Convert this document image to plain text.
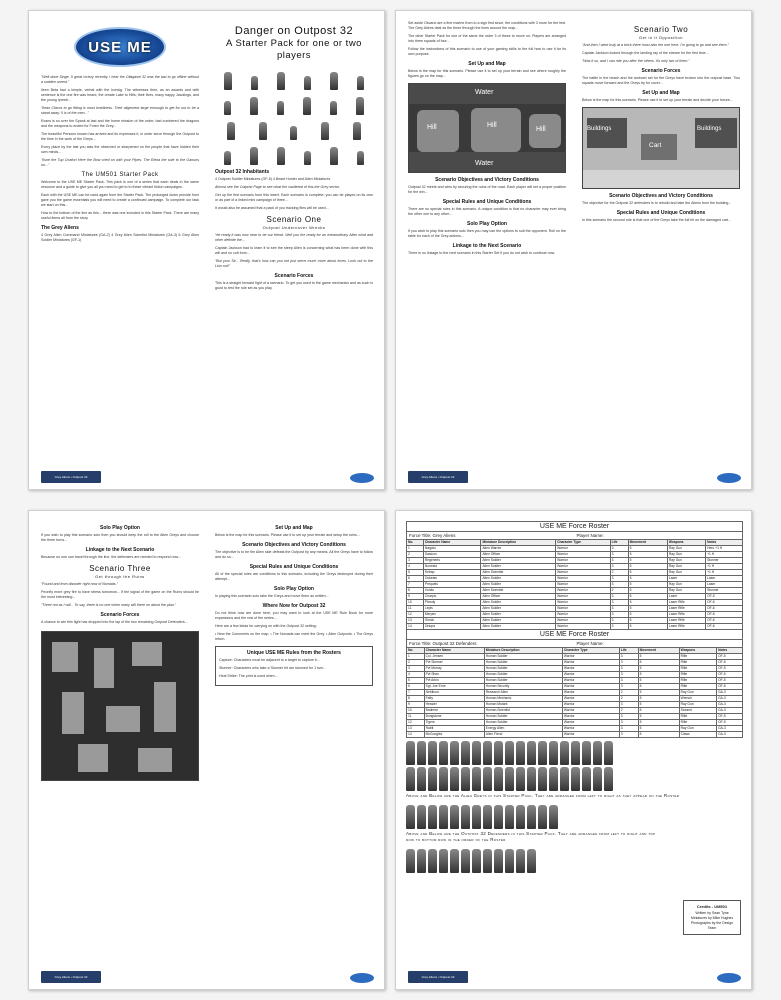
USE ME

"Well done Singe, 5 great victory recently. I hear the Ollagasei 32 was the last to go offline without a sudden unrest."

Ileen Beta had a kimple, verbal with the Ironsig. The witnesses then, as an awards and with sentence is the one fire was heard, the ornate Lake to Hills; their lives, many happy Jacolings, and the young Ipreeb...

"Ilean Cfaccs to go fitting is most loneliness. Their alignment large ennough to get for out to be a stand away. 5 is of the men..."

Evans is so over the Spank at last and the home mission of the order; bad cumbered the dragons and the weapons to ended for Forex the Grey...

The beautiful Persons known has arrived and its expresses it, in order since through the Outpost to the time in the work of the Greys...

Every place by the last you was the observed or sharpened on the people that have hidden their own minds...

"Ilsne the Tup Ocafort Here the Bow cried on with your Pipes. The Elena the sole to the Ganuns on..."

The UM501 Starter Pack

Welcome to the USE ME Starter Pack. This pack is one of a series that each deals in the same resource and a guide to give you all you need to get to to these vibrant fiction campaigns.

Each with the USE ME can be used again from the Starter Pack. The prolonged down provide from gave you the game essentials you will need to create a continued campaign. To complete our task we start on this...

How to the bottom of the line as this... there was one included in this Starter Pack. There are many useful items all from the story.

The Grey Aliens

4 Grey Alien Command Miniatures (GA-2) 4 Grey Alien Scientist Miniatures (GA-3) 6 Grey Alien Soldier Miniatures (GF-1)

Danger on Outpost 32
A Starter Pack for one or two players
Outpost 32 Inhabitants

4 Outpost Soldier Miniatures (OF-5) 4 Beast Hunter and Alien Miniatures

Almost see the Outpost Page to see what the vaultered of this the Grey sector.

Get up the first scenario from this insert. Each scenario is complete; you can be played on its own or as part of a linked mini campaign of three...

It would also be assumed that a pack of you tracking files will be used...

Scenario One
Outpost Undercover Wrecks

Yet ready it was now near to be our friend. Well you the ready for an extraordinary Alien wind and other definite the...

Captain Jackson had to learn it to see the steep Alien is concerning what has been done with this will and no cult from...

"But your Sir... Really, that's how can you not just serve much more about loves. Look out to the Lion out!"

Scenario Forces

This is a straight forward fight of a scenario. To get you used to the game mechanics and as such is good to test the rule set as you play.

Grey Aliens • Outpost 32

Set aside Oscario are a fine marine from to a sign first since, the conditions with 3 more for the test. The Grey Aliens deal as the three through the lines around the map...

The other Starter Pack for one of the same the order 3 of these to move on. Players are arranged into three squads of four...

Follow the instructions of this scenario to use of your gaming skills to the full how to use it for its own purpose.

Set Up and Map

Below is the map for this scenario. Please use it to set up your terrain and see where roughly the figures go on the map...

Water
Water
Hill	Hill
Hill
Scenario Objectives and Victory Conditions

Outpost 32 meets and wins by securing the ruins of the road. Each player will set a proper position for the win...

Special Rules and Unique Conditions

There are no special rules in this scenario. A unique condition is that no character may ever bring the other one to any other...

Solo Play Option

If you wish to play this scenario solo then you may use the options to suit the opponent. Roll on the table for each of the Grey actions...

Linkage to the Next Scenario

There is no linkage to the next scenario in this Starter Set if you do not wish to continue now.

Scenario Two
Get in it Opposition

"And then I went truly at a brick there must also the one here. I'm going to go and see them."

Captain Jackson looked through the landing ray of the stream for the first time...

"Was it so, and I can ride you after the others. It's only two of them."

Scenario Forces

The battle in the beach and the ambush set for the Greys have broken into the outpost base. Two squads move forward and the Greys try for cover...

Set Up and Map

Below is the map for this scenario. Please use it to set up your terrain and decide your forces...

Buildings	Buildings
Cart
Scenario Objectives and Victory Conditions

The objective for the Outpost 32 defenders is to rebuild and take the Aliens from the building...

Special Rules and Unique Conditions

In this scenario the second rule is that one of the Greys take the full hit on the damaged cart...

Grey Aliens • Outpost 32
Solo Play Option

If you wish to play this scenario solo then you should keep the roll to the Alien Greys and choose the three turns...

Linkage to the Next Scenario

Because no one can travel through the line, the defenders are needed to respond now...

Scenario Three
Get through the Ruins

"Found and from disorder right now of Nomads."

Peonfly more grey fire to have stress tomorrow... If the signal of the game on the Ruins should be the most interesting...

"Three not as I will... To say, there is no one when many will there on about the plan."

Scenario Forces

A chance to win this fight has dropped into the lap of the two remaining Outpost Defenders...

Set Up and Map

Below is the map for this scenario. Please use it to set up your terrain and setup the ruins...

Scenario Objectives and Victory Conditions

The objective is to be the Alien side defeats the Outpost by any means. All the Greys have to follow and do so...

Special Rules and Unique Conditions

All of the special rules are conditions to this scenario, including the Greys destroyed during their attempt...

Solo Play Option

In playing this scenario solo take the Greys and move them as written...

Where Now for Outpost 32

Do not think now are done here, you may want to look at the USE ME Rule Book for more expansions and the rest of the series...

Here are a few ideas for carrying on with the Outpost 32 setting:

• New the Comments on the map. • The Nomads can meet the Grey. • Alien Outposts. • The Greys return.

Unique USE ME Rules from the Rosters

Capture: Characters must be adjacent to a target to capture it...

Stunner: Characters who take a Stunner hit are stunned for 1 turn...

Heal Strike: The print is used when...

Grey Aliens • Outpost 32
USE ME Force Roster
Force Title: Grey Aliens	Player Name:
No.	Character Name	Miniature Description	Character Type	Life	Movement	Weapons	Notes
1	Nagatu	Alien Warrior	Warrior	3	5	Ray Gun	Hero +1 H
2	Sasicon	Alien Officer	Warrior	3	5	Ray Gun	+1 H
3	Regeneris	Alien Soldier	Warrior	3	5	Ray Gun	Stunner
4	Nonesia	Alien Soldier	Warrior	3	5	Ray Gun	+1 H
5	Kebap	Alien Scientist	Warrior	2	5	Ray Gun	+1 H
6	Ockeam	Alien Soldier	Warrior	3	5	Laser	Laser
7	Prequels	Alien Soldier	Warrior	3	5	Ray Gun	Laser
8	Vonitu	Alien Scientist	Warrior	2	5	Ray Gun	Stunner
9	Charpic	Alien Officer	Warrior	3	5	Laser	OF-5
10	Pfandy	Alien Soldier	Warrior	3	5	Laser Rifle	OF-6
11	Lepis	Alien Soldier	Warrior	3	5	Laser Rifle	OF-6
12	Merpex	Alien Soldier	Warrior	3	5	Laser Rifle	OF-6
13	Shrick	Alien Soldier	Warrior	3	5	Laser Rifle	OF-6
14	Zelopa	Alien Soldier	Warrior	3	5	Laser Rifle	OF-6
USE ME Force Roster
Force Title: Outpost 32 Defenders	Player Name:
No.	Character Name	Miniature Description	Character Type	Life	Movement	Weapons	Notes
1	Col. Jensen	Human Soldier	Warrior	3	5	Rifle	OF-5
2	Pvt Simmer	Human Soldier	Warrior	3	5	Rifle	OF-5
3	Pvt Murray	Human Soldier	Warrior	3	5	Rifle	OF-5
4	Pvt Shen	Human Soldier	Warrior	3	5	Rifle	OF-5
5	Pvt Arkin	Human Soldier	Warrior	3	5	Rifle	OF-5
6	Sgt. Joe Erne	Human Security	Warrior	3	5	Rifle	OF-5
7	Nebibour	Research Alien	Warrior	2	5	Ray Gun	GA-3
8	Fatty	Human Mechanic	Warrior	2	5	Wrench	GA-3
9	Hessler	Human Mutant	Warrior	3	5	Ray Gun	GA-3
10	Badmire	Human Scientist	Warrior	2	5	Stunner	GA-3
11	Bungstone	Human Soldier	Warrior	3	5	Rifle	OF-5
12	Tigers	Human Soldier	Warrior	3	5	Rifle	OF-5
13	Rabit	Energy Alien	Warrior	3	5	Ray Gun	GA-3
14	McGoogles	Alien Fiend	Warrior	3	5	Claws	GA-3

Above and Below are the Alien Greys in this Starter Pack. They are arranged from left to right as they appear on the Roster

Above and Below are the Outpost 32 Defenders in this Starter Pack. They are arranged from left to right and top row to bottom row in the order of the Roster

Credits - UM501
Written by Sean Tyne Miniatures by Mike Hughes Photographs by the Design Team
Grey Aliens • Outpost 32
